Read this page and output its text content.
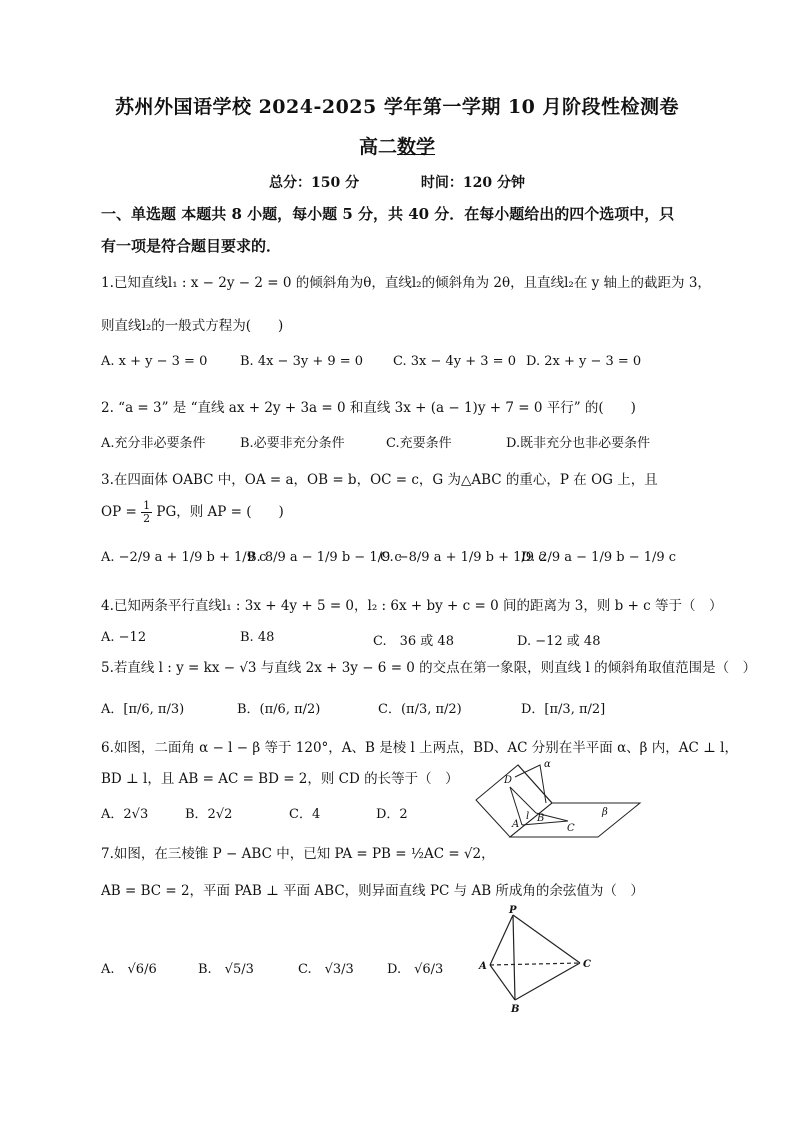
苏州外国语学校 2024-2025 学年第一学期 10 月阶段性检测卷
高二数学
总分：150 分	时间：120 分钟
一、单选题 本题共 8 小题，每小题 5 分，共 40 分．在每小题给出的四个选项中，只
有一项是符合题目要求的．
1.已知直线l₁ : x − 2y − 2 = 0 的倾斜角为θ，直线l₂的倾斜角为 2θ，且直线l₂在 y 轴上的截距为 3，
则直线l₂的一般式方程为(　　)
A. x + y − 3 = 0	B. 4x − 3y + 9 = 0 C. 3x − 4y + 3 = 0 D. 2x + y − 3 = 0
2. “a = 3” 是 “直线 ax + 2y + 3a = 0 和直线 3x + (a − 1)y + 7 = 0 平行” 的(　　)
A.充分非必要条件	B.必要非充分条件	C.充要条件	D.既非充分也非必要条件
3.在四面体 OABC 中，OA = a，OB = b，OC = c，G 为△ABC 的重心，P 在 OG 上，且
OP = $\frac{1}{2}$ PG，则 AP = (　　)
A. −2/9 a + 1/9 b + 1/9 c
B. 8/9 a − 1/9 b − 1/9 c
C. −8/9 a + 1/9 b + 1/9 c
D. 2/9 a − 1/9 b − 1/9 c
4.已知两条平行直线l₁ : 3x + 4y + 5 = 0，l₂ : 6x + by + c = 0 间的距离为 3，则 b + c 等于（　）
A. −12	B. 48	C.　36 或 48	D. −12 或 48
5.若直线 l : y = kx − √3 与直线 2x + 3y − 6 = 0 的交点在第一象限，则直线 l 的倾斜角取值范围是（　）
A．[π/6, π/3)	B．(π/6, π/2)	C．(π/3, π/2)	D．[π/3, π/2]
6.如图，二面角 α − l − β 等于 120°，A、B 是棱 l 上两点，BD、AC 分别在半平面 α、β 内，AC ⊥ l，
BD ⊥ l，且 AB = AC = BD = 2，则 CD 的长等于（　）
A．2√3	B．2√2	C．4	D．2
α
β
D
A
l B
C
7.如图，在三棱锥 P − ABC 中，已知 PA = PB = ½AC = √2，
AB = BC = 2，平面 PAB ⊥ 平面 ABC，则异面直线 PC 与 AB 所成角的余弦值为（　）
A.　√6/6	B.　√5/3	C.　√3/3	D.　√6/3
P
A	C
B
